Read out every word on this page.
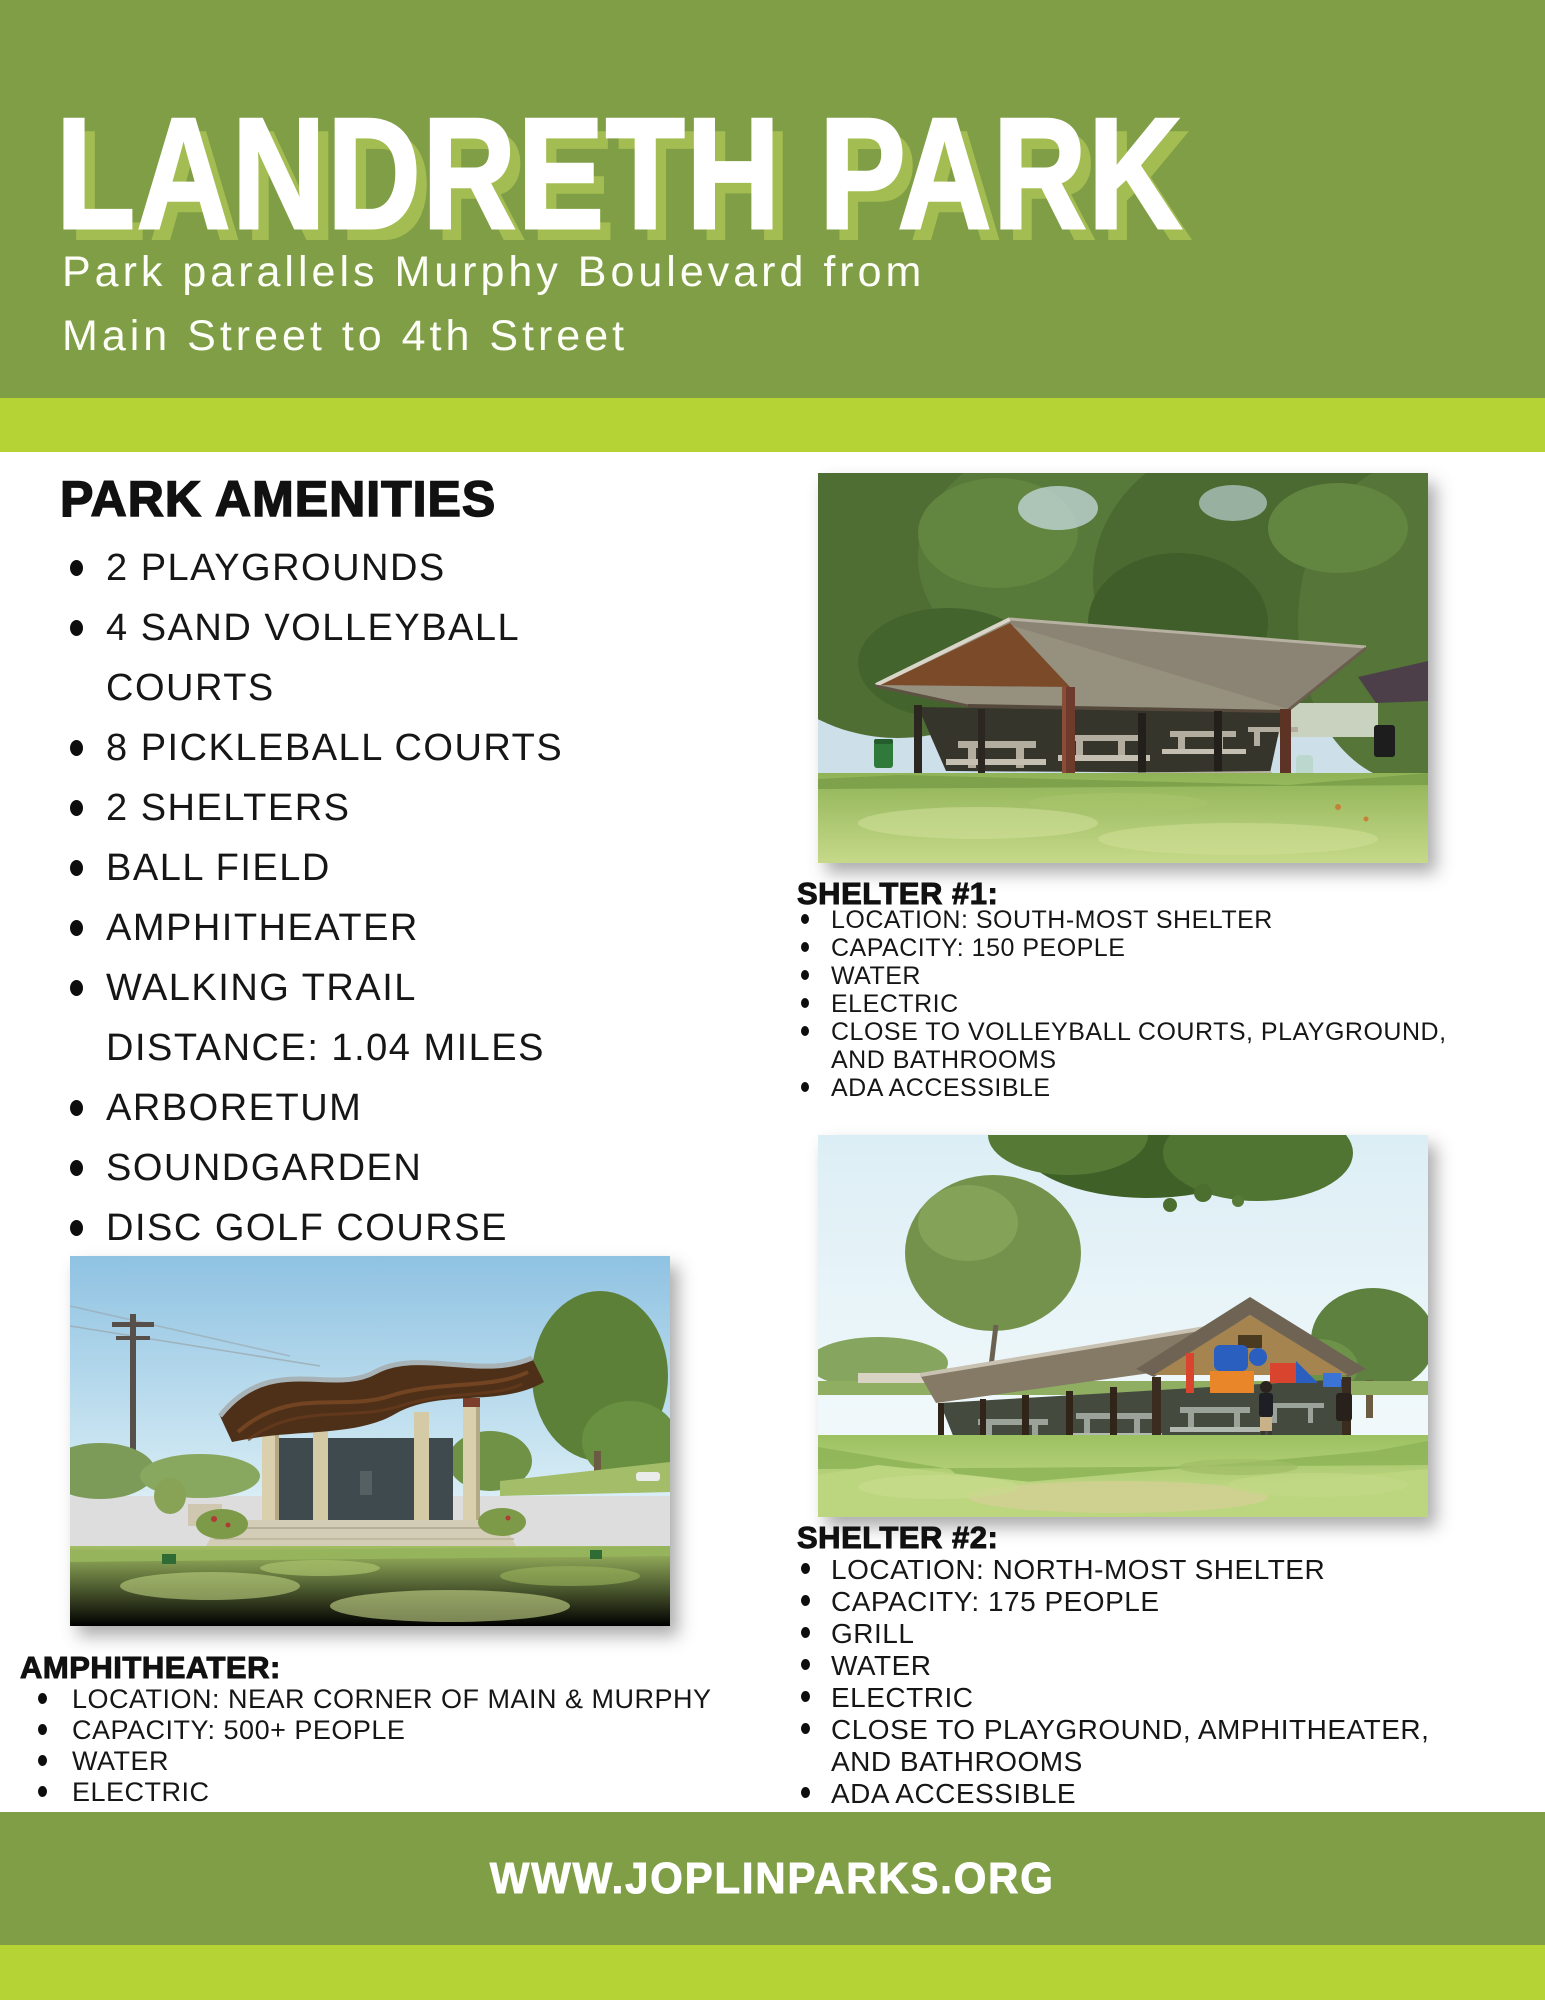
LANDRETH PARK

Park parallels Murphy Boulevard from
Main Street to 4th Street

PARK AMENITIES
2 PLAYGROUNDS
4 SAND VOLLEYBALL COURTS
8 PICKLEBALL COURTS
2 SHELTERS
BALL FIELD
AMPHITHEATER
WALKING TRAIL DISTANCE: 1.04 MILES
ARBORETUM
SOUNDGARDEN
DISC GOLF COURSE
AMPHITHEATER:
LOCATION: NEAR CORNER OF MAIN & MURPHY
CAPACITY: 500+ PEOPLE
WATER
ELECTRIC
SHELTER #1:
LOCATION: SOUTH-MOST SHELTER
CAPACITY: 150 PEOPLE
WATER
ELECTRIC
CLOSE TO VOLLEYBALL COURTS, PLAYGROUND, AND BATHROOMS
ADA ACCESSIBLE
SHELTER #2:
LOCATION: NORTH-MOST SHELTER
CAPACITY: 175 PEOPLE
GRILL
WATER
ELECTRIC
CLOSE TO PLAYGROUND, AMPHITHEATER, AND BATHROOMS
ADA ACCESSIBLE
WWW.JOPLINPARKS.ORG
